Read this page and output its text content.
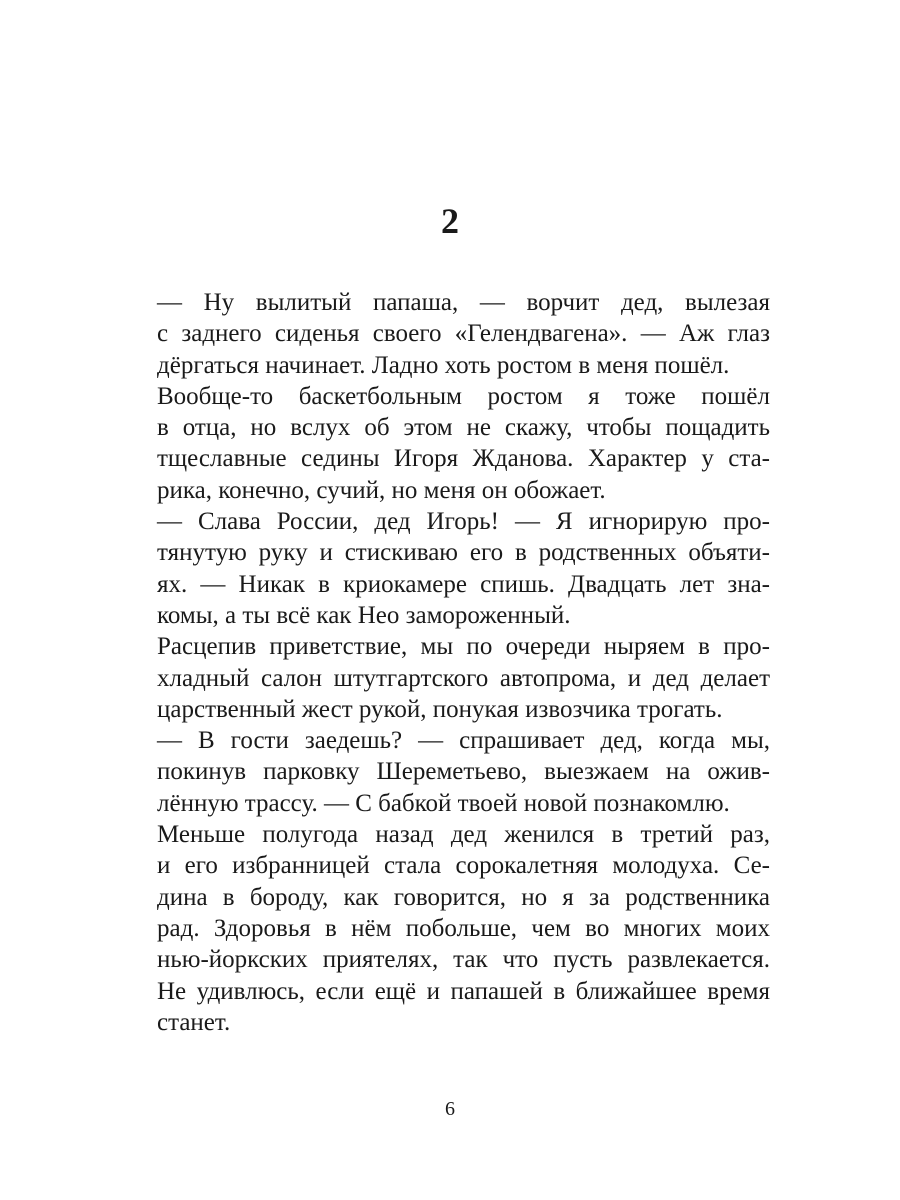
2

— Ну вылитый папаша, — ворчит дед, вылезая
с заднего сиденья своего «Гелендвагена». — Аж глаз
дёргаться начинает. Ладно хоть ростом в меня пошёл.

Вообще-то баскетбольным ростом я тоже пошёл
в отца, но вслух об этом не скажу, чтобы пощадить
тщеславные седины Игоря Жданова. Характер у ста-
рика, конечно, сучий, но меня он обожает.

— Слава России, дед Игорь! — Я игнорирую про-
тянутую руку и стискиваю его в родственных объяти-
ях. — Никак в криокамере спишь. Двадцать лет зна-
комы, а ты всё как Нео замороженный.

Расцепив приветствие, мы по очереди ныряем в про-
хладный салон штутгартского автопрома, и дед делает
царственный жест рукой, понукая извозчика трогать.

— В гости заедешь? — спрашивает дед, когда мы,
покинув парковку Шереметьево, выезжаем на ожив-
лённую трассу. — С бабкой твоей новой познакомлю.

Меньше полугода назад дед женился в третий раз,
и его избранницей стала сорокалетняя молодуха. Се-
дина в бороду, как говорится, но я за родственника
рад. Здоровья в нём побольше, чем во многих моих
нью-йоркских приятелях, так что пусть развлекается.
Не удивлюсь, если ещё и папашей в ближайшее время
станет.

6
